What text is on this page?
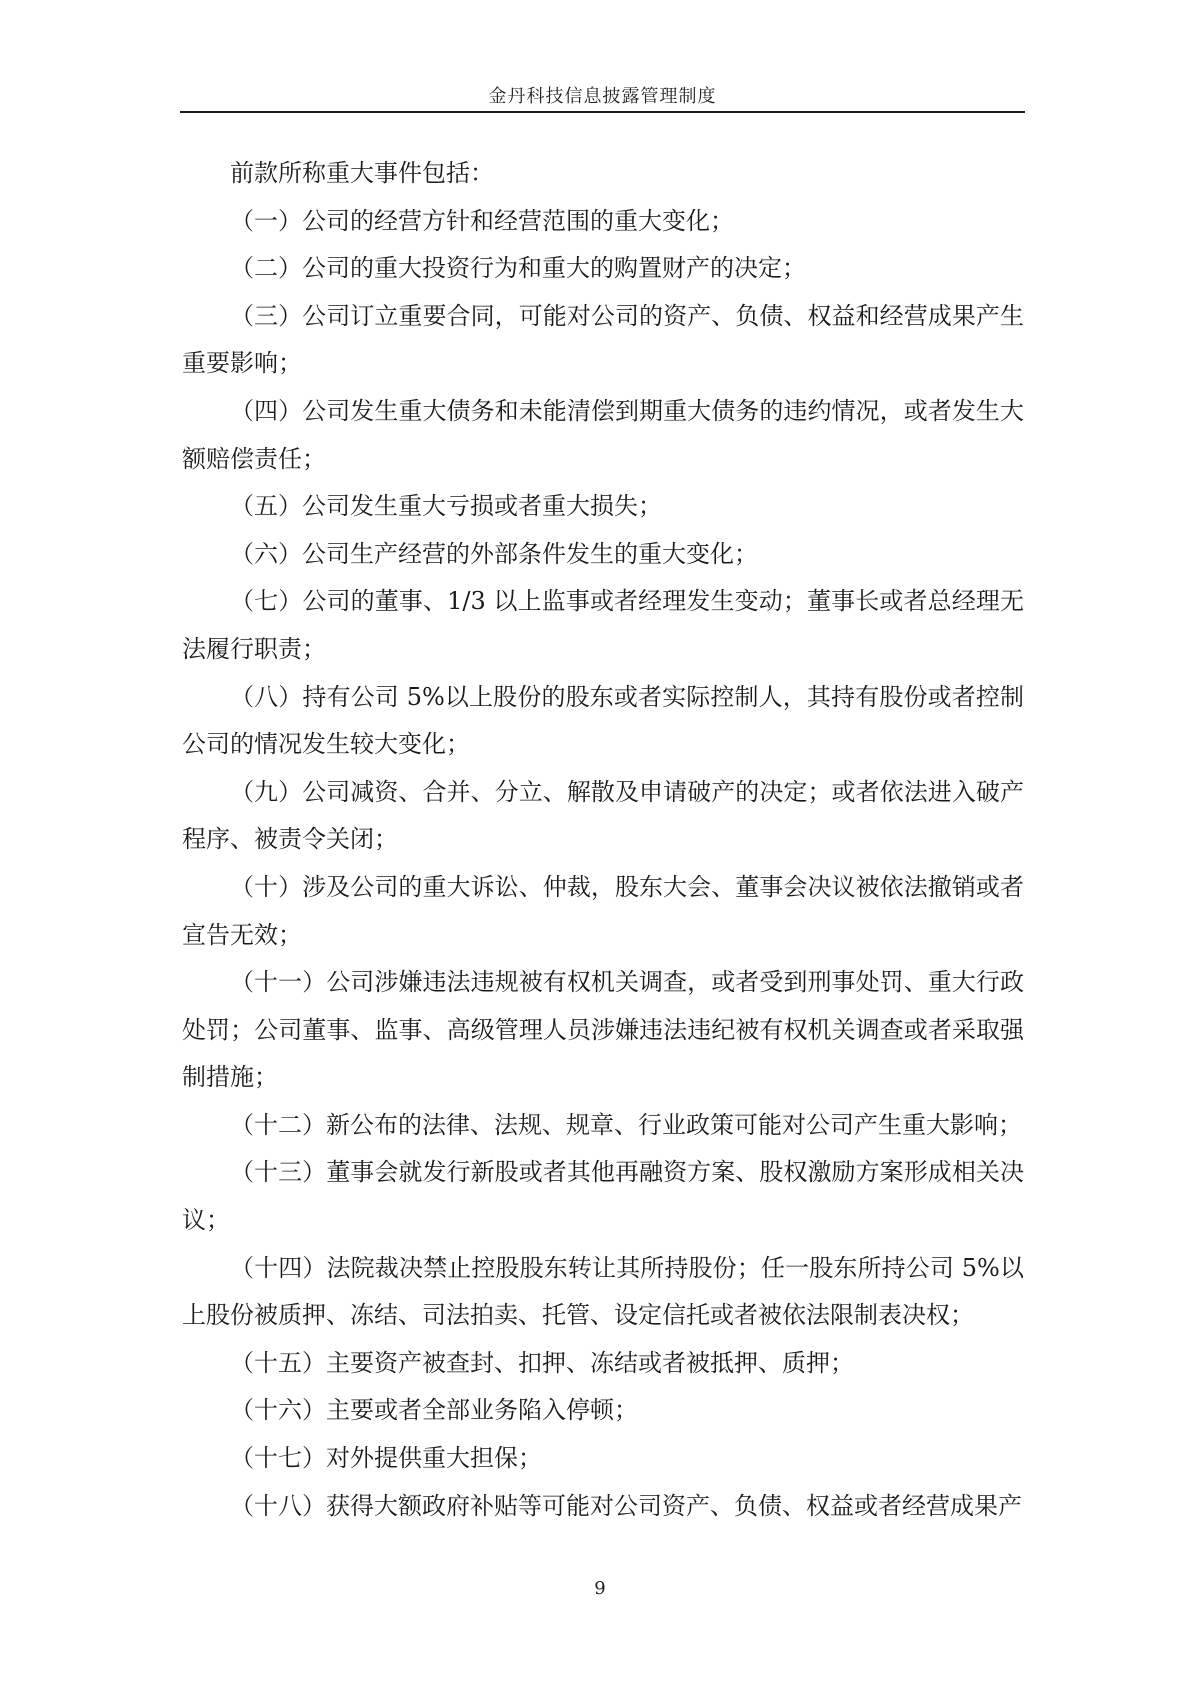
金丹科技信息披露管理制度

前款所称重大事件包括：

（一）公司的经营方针和经营范围的重大变化；

（二）公司的重大投资行为和重大的购置财产的决定；

（三）公司订立重要合同，可能对公司的资产、负债、权益和经营成果产生重要影响；

（四）公司发生重大债务和未能清偿到期重大债务的违约情况，或者发生大额赔偿责任；

（五）公司发生重大亏损或者重大损失；

（六）公司生产经营的外部条件发生的重大变化；

（七）公司的董事、1/3 以上监事或者经理发生变动；董事长或者总经理无法履行职责；

（八）持有公司 5%以上股份的股东或者实际控制人，其持有股份或者控制公司的情况发生较大变化；

（九）公司减资、合并、分立、解散及申请破产的决定；或者依法进入破产程序、被责令关闭；

（十）涉及公司的重大诉讼、仲裁，股东大会、董事会决议被依法撤销或者宣告无效；

（十一）公司涉嫌违法违规被有权机关调查，或者受到刑事处罚、重大行政处罚；公司董事、监事、高级管理人员涉嫌违法违纪被有权机关调查或者采取强制措施；

（十二）新公布的法律、法规、规章、行业政策可能对公司产生重大影响；

（十三）董事会就发行新股或者其他再融资方案、股权激励方案形成相关决议；

（十四）法院裁决禁止控股股东转让其所持股份；任一股东所持公司 5%以上股份被质押、冻结、司法拍卖、托管、设定信托或者被依法限制表决权；

（十五）主要资产被查封、扣押、冻结或者被抵押、质押；

（十六）主要或者全部业务陷入停顿；

（十七）对外提供重大担保；

（十八）获得大额政府补贴等可能对公司资产、负债、权益或者经营成果产

9
